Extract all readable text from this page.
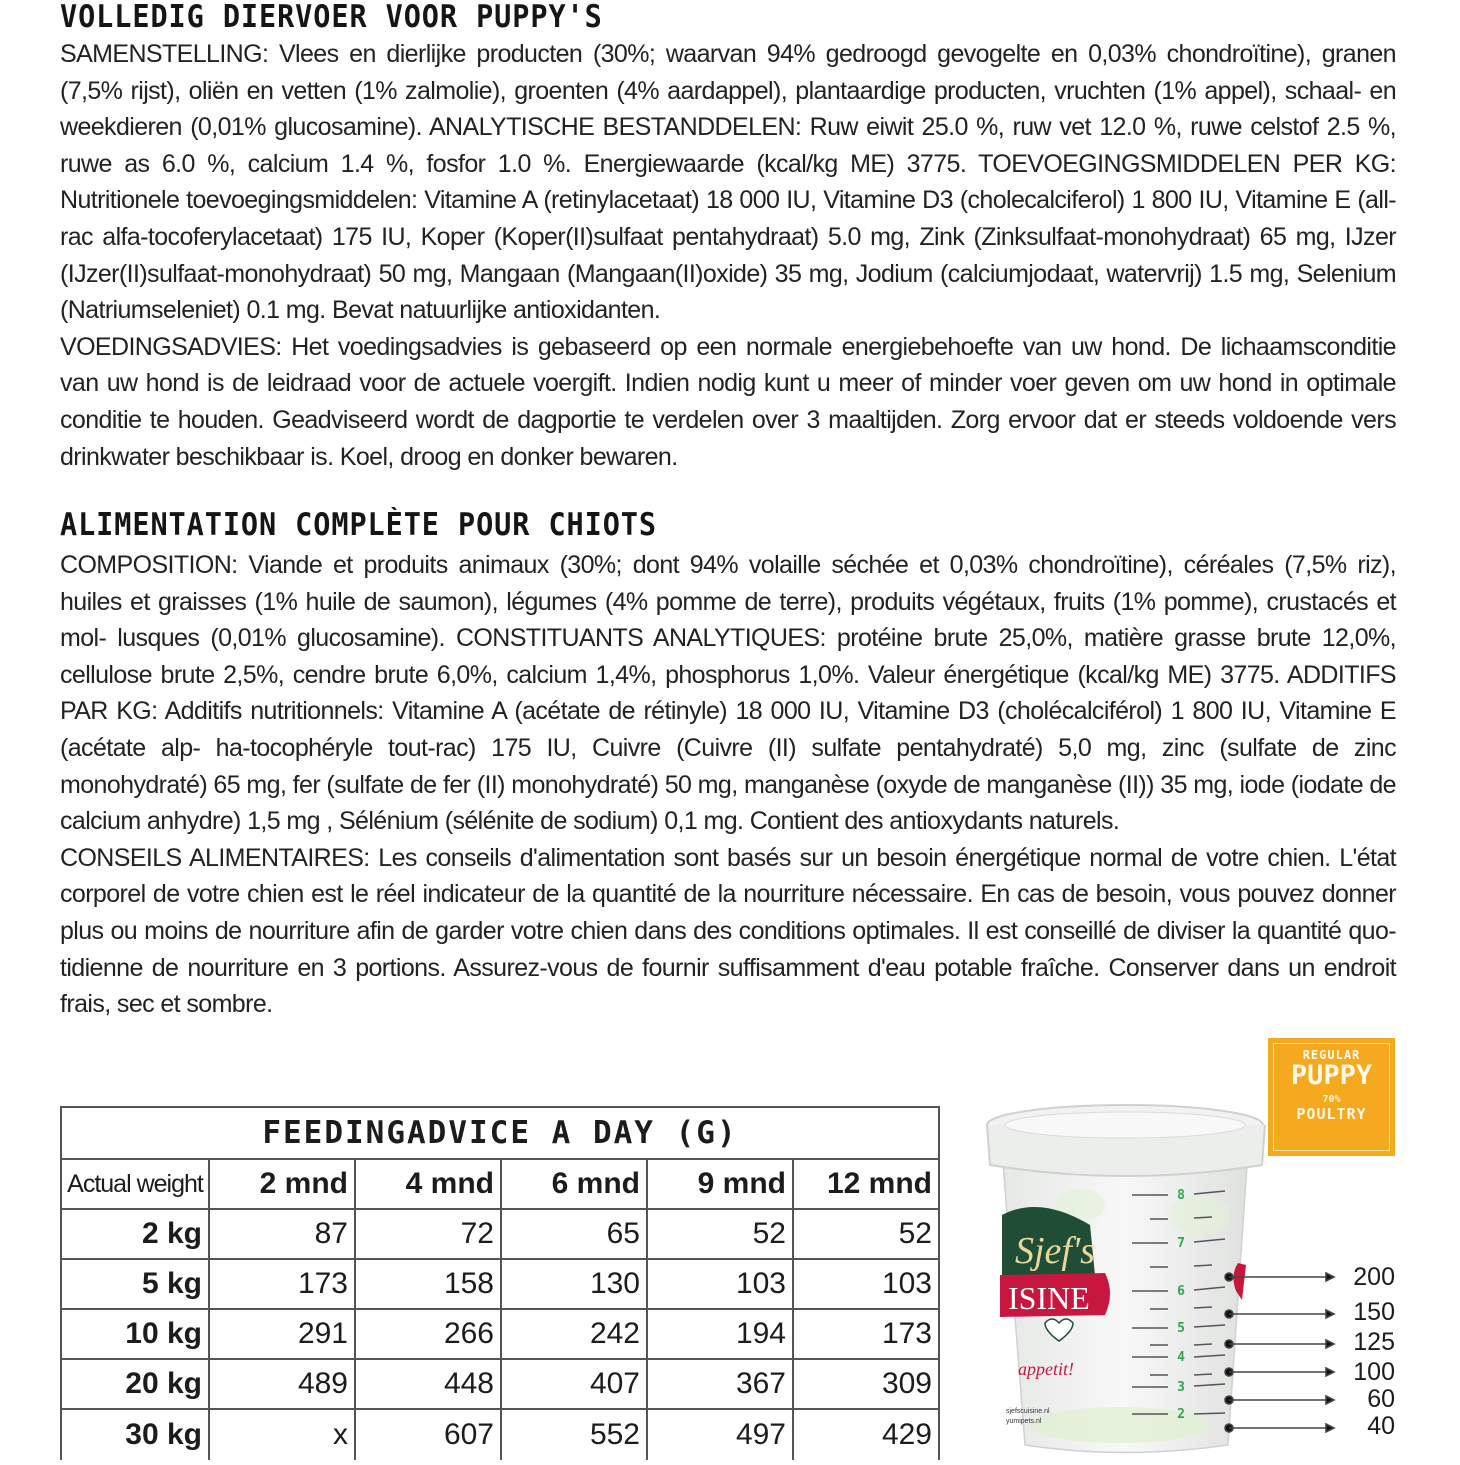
VOLLEDIG DIERVOER VOOR PUPPY'S

SAMENSTELLING: Vlees en dierlijke producten (30%; waarvan 94% gedroogd gevogelte en 0,03% chondroïtine), granen (7,5% rijst), oliën en vetten (1% zalmolie), groenten (4% aardappel), plantaardige producten, vruchten (1% appel), schaal- en weekdieren (0,01% glucosamine). ANALYTISCHE BESTANDDELEN: Ruw eiwit 25.0 %, ruw vet 12.0 %, ruwe celstof 2.5 %, ruwe as 6.0 %, calcium 1.4 %, fosfor 1.0 %. Energiewaarde (kcal/kg ME) 3775. TOEVOEGINGSMIDDELEN PER KG: Nutritionele toevoegingsmiddelen: Vitamine A (retinylacetaat) 18 000 IU, Vitamine D3 (cholecalciferol) 1 800 IU, Vitamine E (all-rac alfa-tocoferylacetaat) 175 IU, Koper (Koper(II)sulfaat pentahydraat) 5.0 mg, Zink (Zinksulfaat-monohydraat) 65 mg, IJzer (IJzer(II)sulfaat-monohydraat) 50 mg, Mangaan (Mangaan(II)oxide) 35 mg, Jodium (calciumjodaat, watervrij) 1.5 mg, Selenium (Natriumseleniet) 0.1 mg. Bevat natuurlijke antioxidanten.

VOEDINGSADVIES: Het voedingsadvies is gebaseerd op een normale energiebehoefte van uw hond. De lichaamsconditie van uw hond is de leidraad voor de actuele voergift. Indien nodig kunt u meer of minder voer geven om uw hond in optimale conditie te houden. Geadviseerd wordt de dagportie te verdelen over 3 maaltijden. Zorg ervoor dat er steeds voldoende vers drinkwater beschikbaar is. Koel, droog en donker bewaren.

ALIMENTATION COMPLÈTE POUR CHIOTS

COMPOSITION: Viande et produits animaux (30%; dont 94% volaille séchée et 0,03% chondroïtine), céréales (7,5% riz), huiles et graisses (1% huile de saumon), légumes (4% pomme de terre), produits végétaux, fruits (1% pomme), crustacés et mol- lusques (0,01% glucosamine). CONSTITUANTS ANALYTIQUES: protéine brute 25,0%, matière grasse brute 12,0%, cellulose brute 2,5%, cendre brute 6,0%, calcium 1,4%, phosphorus 1,0%. Valeur énergétique (kcal/kg ME) 3775. ADDITIFS PAR KG: Additifs nutritionnels: Vitamine A (acétate de rétinyle) 18 000 IU, Vitamine D3 (cholécalciférol) 1 800 IU, Vitamine E (acétate alp- ha-tocophéryle tout-rac) 175 IU, Cuivre (Cuivre (II) sulfate pentahydraté) 5,0 mg, zinc (sulfate de zinc monohydraté) 65 mg, fer (sulfate de fer (II) monohydraté) 50 mg, manganèse (oxyde de manganèse (II)) 35 mg, iode (iodate de calcium anhydre) 1,5 mg , Sélénium (sélénite de sodium) 0,1 mg. Contient des antioxydants naturels.

CONSEILS ALIMENTAIRES: Les conseils d'alimentation sont basés sur un besoin énergétique normal de votre chien. L'état corporel de votre chien est le réel indicateur de la quantité de la nourriture nécessaire. En cas de besoin, vous pouvez donner plus ou moins de nourriture afin de garder votre chien dans des conditions optimales. Il est conseillé de diviser la quantité quo- tidienne de nourriture en 3 portions. Assurez-vous de fournir suffisamment d'eau potable fraîche. Conserver dans un endroit frais, sec et sombre.

FEEDINGADVICE A DAY (G)					
Actual weight	2 mnd	4 mnd	6 mnd	9 mnd	12 mnd
2 kg	87	72	65	52	52
5 kg	173	158	130	103	103
10 kg	291	266	242	194	173
20 kg	489	448	407	367	309
30 kg	x	607	552	497	429
REGULAR
PUPPY
70%
POULTRY
Sjef's
ISINE
appetit!
sjefscuisine.nl
yumipets.nl
8
7
6
5
4
3
2
200
150
125
100
60
40
